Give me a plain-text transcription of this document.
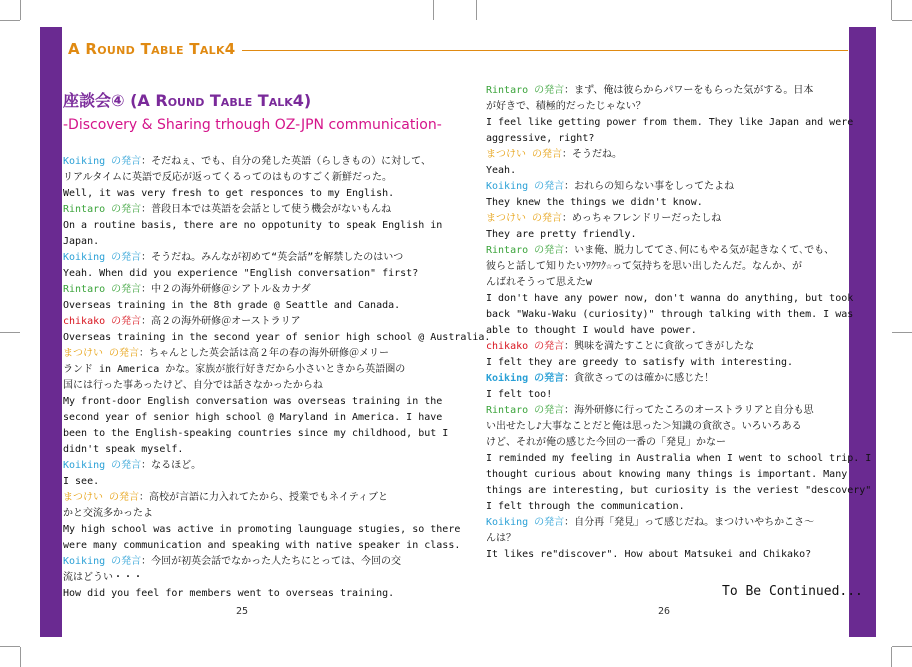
A Round Table Talk4
座談会④ (A Round Table Talk4)
-Discovery & Sharing trhough OZ-JPN communication-
Koiking の発言：そだねぇ、でも、自分の発した英語（らしきもの）に対して、
リアルタイムに英語で反応が返ってくるってのはものすごく新鮮だった。
Well, it was very fresh to get responces to my English.
Rintaro の発言：普段日本では英語を会話として使う機会がないもんね
On a routine basis, there are no oppotunity to speak English in
Japan.
Koiking の発言：そうだね。みんなが初めて“英会話”を解禁したのはいつ
Yeah. When did you experience "English conversation" first?
Rintaro の発言：中２の海外研修＠シアトル＆カナダ
Overseas training in the 8th grade @ Seattle and Canada.
chikako の発言：高２の海外研修＠オーストラリア
Overseas training in the second year of senior high school @ Australia.
まつけい の発言：ちゃんとした英会話は高２年の春の海外研修＠メリー
ランド in America かな。家族が旅行好きだから小さいときから英語圏の
国には行った事あったけど、自分では話さなかったからね
My front-door English conversation was overseas training in the
second year of senior high school @ Maryland in America. I have
been to the English-speaking countries since my childhood, but I
didn't speak myself.
Koiking の発言：なるほど。
I see.
まつけい の発言：高校が言語に力入れてたから、授業でもネイティブと
かと交流多かったよ
My high school was active in promoting launguage stugies, so there
were many communication and speaking with native speaker in class.
Koiking の発言：今回が初英会話でなかった人たちにとっては、今回の交
流はどうい・・・
How did you feel for members went to overseas training.
25
Rintaro の発言：まず、俺は彼らからパワーをもらった気がする。日本
が好きで、積極的だったじゃない？
I feel like getting power from them. They like Japan and were
aggressive, right?
まつけい の発言：そうだね。
Yeah.
Koiking の発言：おれらの知らない事をしってたよね
They knew the things we didn't know.
まつけい の発言：めっちゃフレンドリーだったしね
They are pretty friendly.
Rintaro の発言：いま俺、脱力しててさ､何にもやる気が起きなくて､でも、
彼らと話して知りたいﾜｸﾜｸ☆って気持ちを思い出したんだ。なんか、が
んばれそうって思えたw
I don't have any power now, don't wanna do anything, but took
back "Waku-Waku (curiosity)" through talking with them. I was
able to thought I would have power.
chikako の発言：興味を満たすことに貪欲ってきがしたな
I felt they are greedy to satisfy with interesting.
Koiking の発言：貪欲さってのは確かに感じた！
I felt too!
Rintaro の発言：海外研修に行ってたころのオーストラリアと自分も思
い出せたし♪大事なことだと俺は思った＞知識の貪欲さ。いろいろある
けど、それが俺の感じた今回の一番の「発見」かなー
I reminded my feeling in Australia when I went to school trip. I
thought curious about knowing many things is important. Many
things are interesting, but curiosity is the veriest "descovery"
I felt through the communication.
Koiking の発言：自分再「発見」って感じだね。まつけいやちかこさ～
んは？
It likes re"discover". How about Matsukei and Chikako?
26
To Be Continued...
